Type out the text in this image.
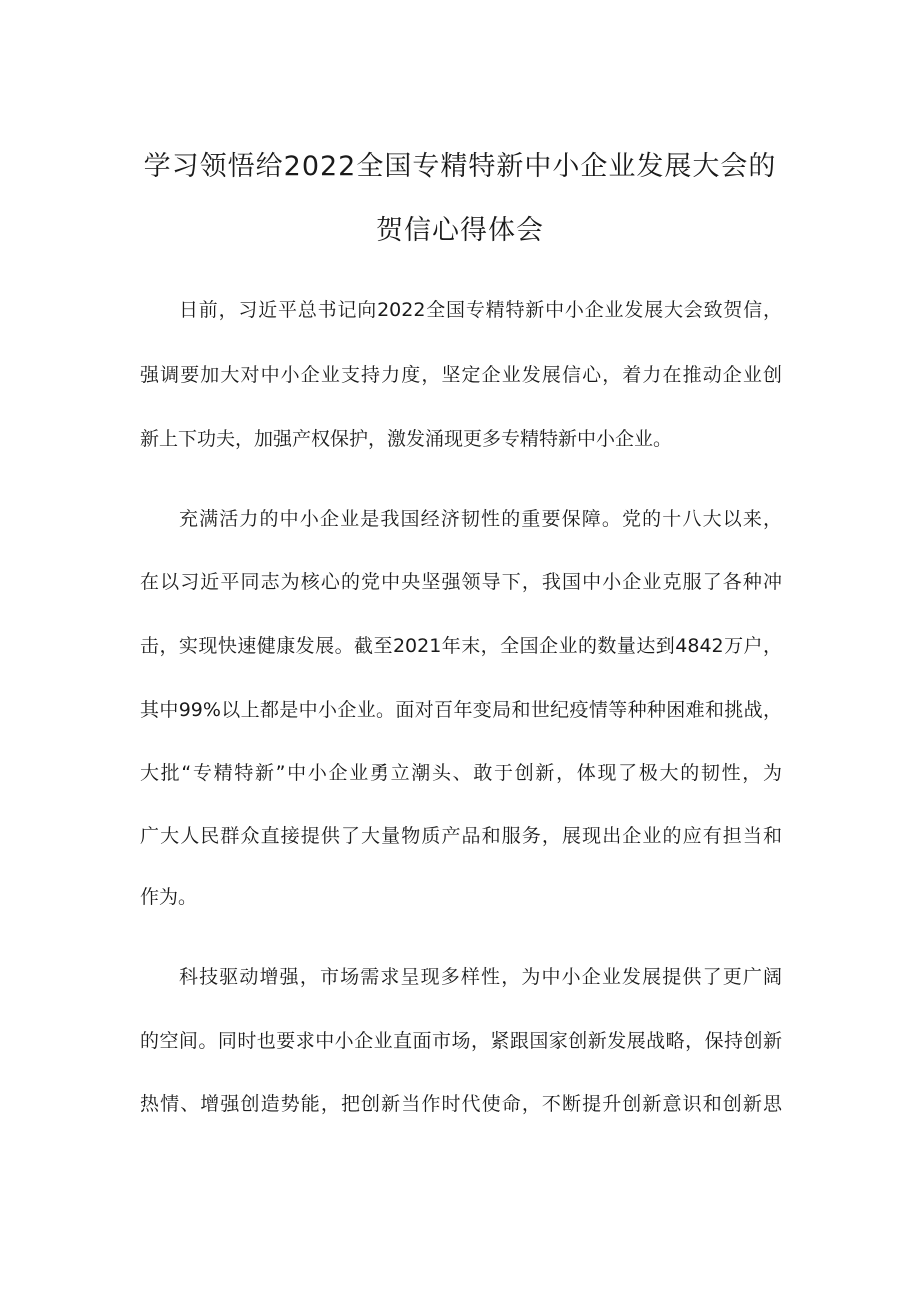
学习领悟给2022全国专精特新中小企业发展大会的
贺信心得体会
日前，习近平总书记向2022全国专精特新中小企业发展大会致贺信，
强调要加大对中小企业支持力度，坚定企业发展信心，着力在推动企业创
新上下功夫，加强产权保护，激发涌现更多专精特新中小企业。
充满活力的中小企业是我国经济韧性的重要保障。党的十八大以来，
在以习近平同志为核心的党中央坚强领导下，我国中小企业克服了各种冲
击，实现快速健康发展。截至2021年末，全国企业的数量达到4842万户，
其中99%以上都是中小企业。面对百年变局和世纪疫情等种种困难和挑战，
大批“专精特新”中小企业勇立潮头、敢于创新，体现了极大的韧性，为
广大人民群众直接提供了大量物质产品和服务，展现出企业的应有担当和
作为。
科技驱动增强，市场需求呈现多样性，为中小企业发展提供了更广阔
的空间。同时也要求中小企业直面市场，紧跟国家创新发展战略，保持创新
热情、增强创造势能，把创新当作时代使命，不断提升创新意识和创新思
